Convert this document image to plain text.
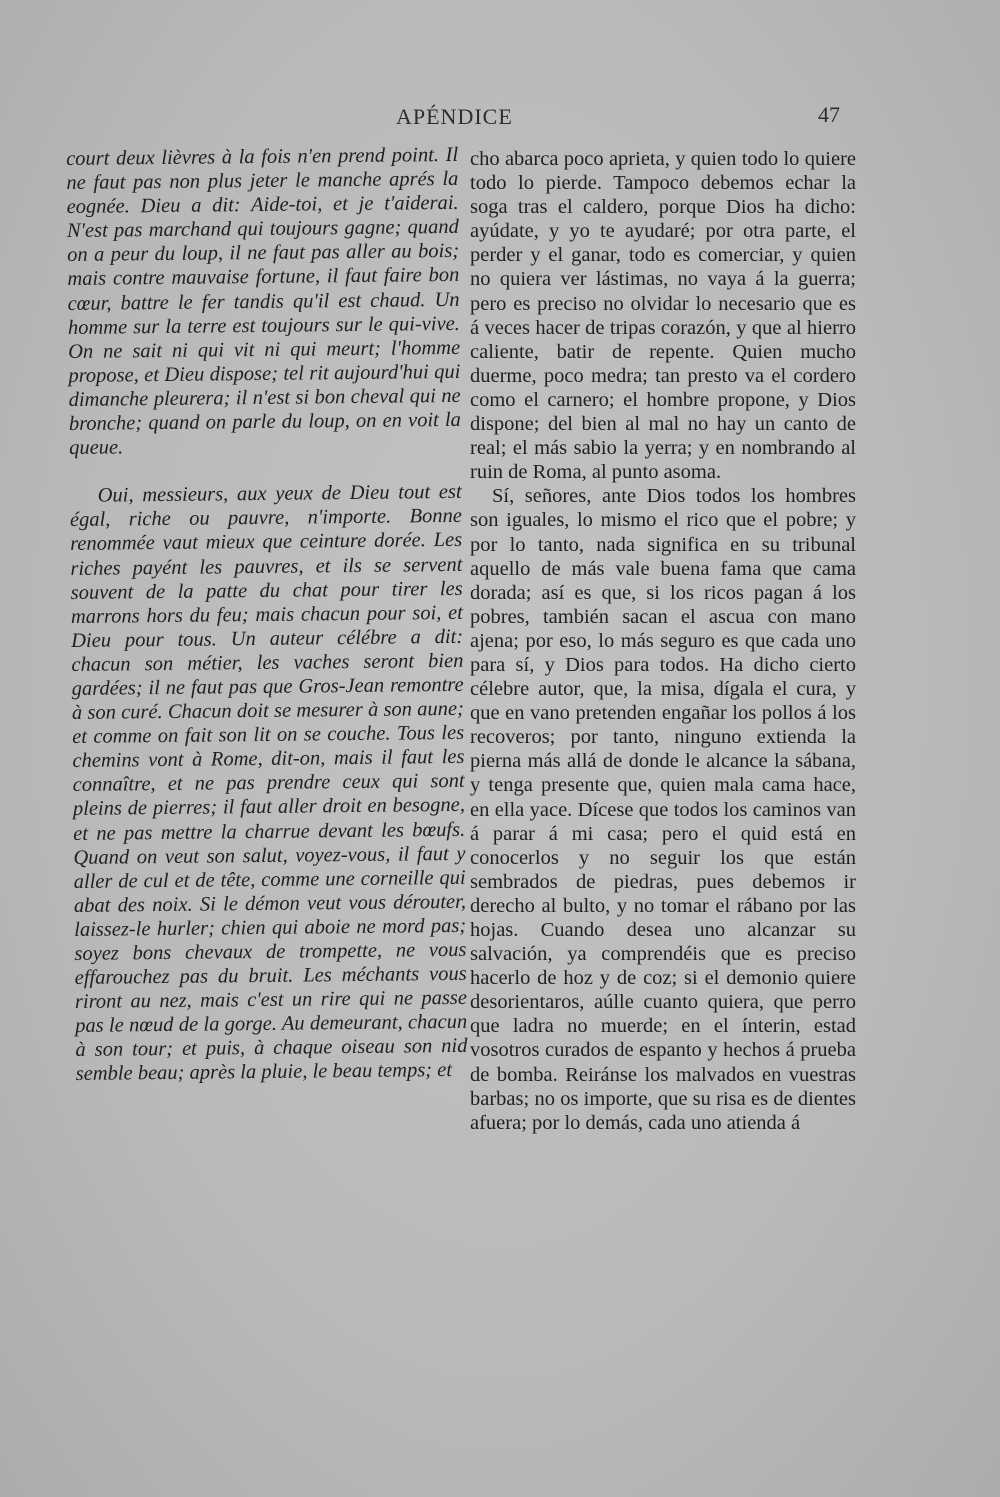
APÉNDICE	47

court deux lièvres à la fois n'en prend point. Il ne faut pas non plus jeter le manche aprés la eognée. Dieu a dit: Aide-toi, et je t'aiderai. N'est pas marchand qui toujours gagne; quand on a peur du loup, il ne faut pas aller au bois; mais contre mauvaise fortune, il faut faire bon cœur, battre le fer tandis qu'il est chaud. Un homme sur la terre est toujours sur le qui-vive. On ne sait ni qui vit ni qui meurt; l'homme propose, et Dieu dispose; tel rit aujourd'hui qui dimanche pleurera; il n'est si bon cheval qui ne bronche; quand on parle du loup, on en voit la queue.

Oui, messieurs, aux yeux de Dieu tout est égal, riche ou pauvre, n'importe. Bonne renommée vaut mieux que ceinture dorée. Les riches payént les pauvres, et ils se servent souvent de la patte du chat pour tirer les marrons hors du feu; mais chacun pour soi, et Dieu pour tous. Un auteur célébre a dit: chacun son métier, les vaches seront bien gardées; il ne faut pas que Gros-Jean remontre à son curé. Chacun doit se mesurer à son aune; et comme on fait son lit on se couche. Tous les chemins vont à Rome, dit-on, mais il faut les connaître, et ne pas prendre ceux qui sont pleins de pierres; il faut aller droit en besogne, et ne pas mettre la charrue devant les bœufs. Quand on veut son salut, voyez-vous, il faut y aller de cul et de tête, comme une corneille qui abat des noix. Si le démon veut vous dérouter, laissez-le hurler; chien qui aboie ne mord pas; soyez bons chevaux de trompette, ne vous effarouchez pas du bruit. Les méchants vous riront au nez, mais c'est un rire qui ne passe pas le nœud de la gorge. Au demeurant, chacun à son tour; et puis, à chaque oiseau son nid semble beau; après la pluie, le beau temps; et

cho abarca poco aprieta, y quien todo lo quiere todo lo pierde. Tampoco debemos echar la soga tras el caldero, porque Dios ha dicho: ayúdate, y yo te ayudaré; por otra parte, el perder y el ganar, todo es comerciar, y quien no quiera ver lástimas, no vaya á la guerra; pero es preciso no olvidar lo necesario que es á veces hacer de tripas corazón, y que al hierro caliente, batir de repente. Quien mucho duerme, poco medra; tan presto va el cordero como el carnero; el hombre propone, y Dios dispone; del bien al mal no hay un canto de real; el más sabio la yerra; y en nombrando al ruin de Roma, al punto asoma.

Sí, señores, ante Dios todos los hombres son iguales, lo mismo el rico que el pobre; y por lo tanto, nada significa en su tribunal aquello de más vale buena fama que cama dorada; así es que, si los ricos pagan á los pobres, también sacan el ascua con mano ajena; por eso, lo más seguro es que cada uno para sí, y Dios para todos. Ha dicho cierto célebre autor, que, la misa, dígala el cura, y que en vano pretenden engañar los pollos á los recoveros; por tanto, ninguno extienda la pierna más allá de donde le alcance la sábana, y tenga presente que, quien mala cama hace, en ella yace. Dícese que todos los caminos van á parar á mi casa; pero el quid está en conocerlos y no seguir los que están sembrados de piedras, pues debemos ir derecho al bulto, y no tomar el rábano por las hojas. Cuando desea uno alcanzar su salvación, ya comprendéis que es preciso hacerlo de hoz y de coz; si el demonio quiere desorientaros, aúlle cuanto quiera, que perro que ladra no muerde; en el ínterin, estad vosotros curados de espanto y hechos á prueba de bomba. Reiránse los malvados en vuestras barbas; no os importe, que su risa es de dientes afuera; por lo demás, cada uno atienda á
